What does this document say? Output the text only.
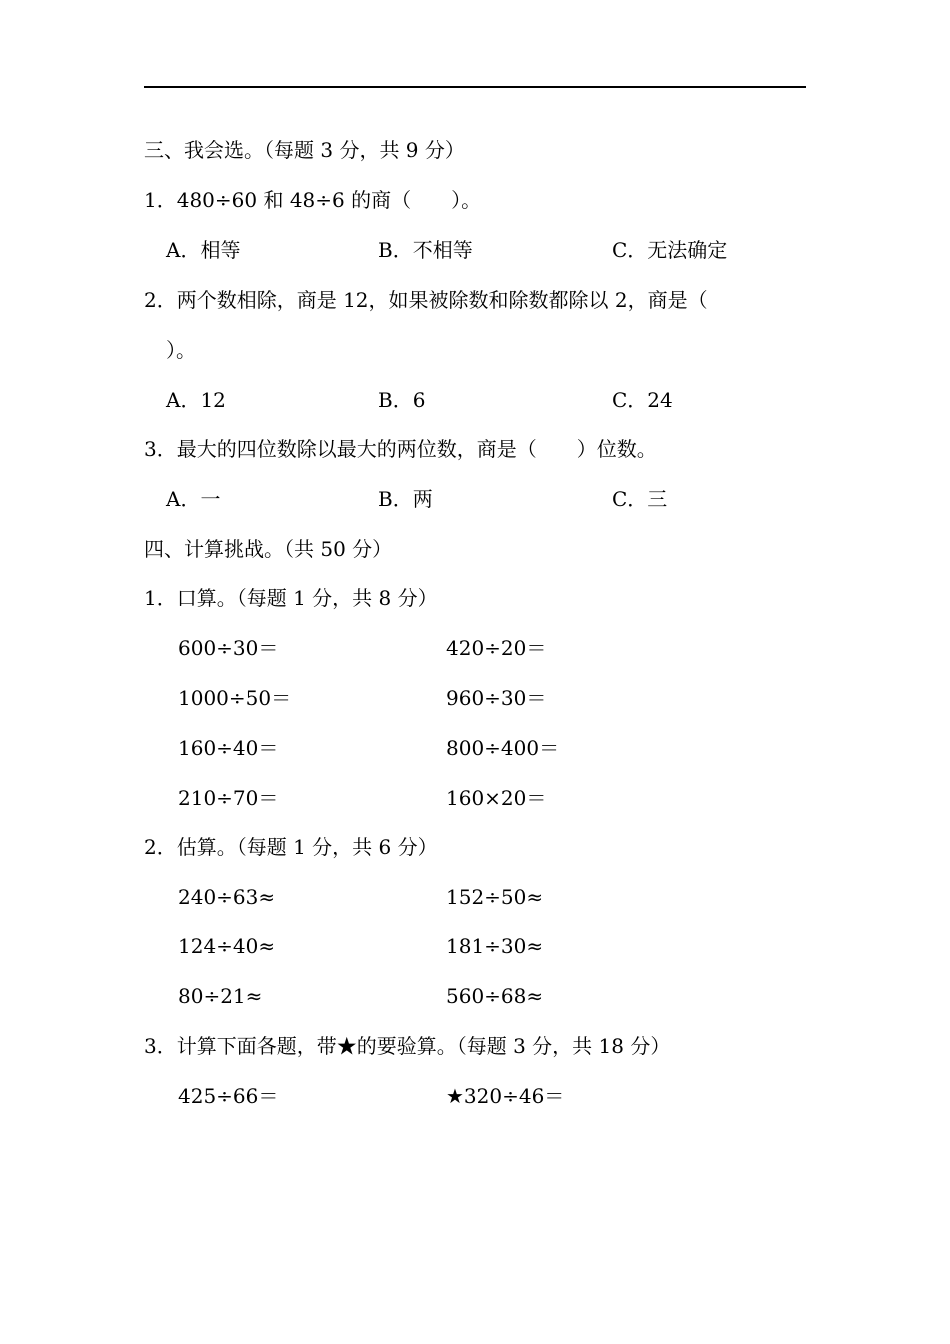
三、我会选。（每题 3 分，共 9 分）
1．480÷60 和 48÷6 的商（　　）。
A．相等	B．不相等	C．无法确定
2．两个数相除，商是 12，如果被除数和除数都除以 2，商是（
）。
A．12	B．6	C．24
3．最大的四位数除以最大的两位数，商是（　　）位数。
A．一	B．两	C．三
四、计算挑战。（共 50 分）
1．口算。（每题 1 分，共 8 分）
600÷30＝	420÷20＝
1000÷50＝	960÷30＝
160÷40＝	800÷400＝
210÷70＝	160×20＝
2．估算。（每题 1 分，共 6 分）
240÷63≈	152÷50≈
124÷40≈	181÷30≈
80÷21≈	560÷68≈
3．计算下面各题，带★的要验算。（每题 3 分，共 18 分）
425÷66＝	★320÷46＝
